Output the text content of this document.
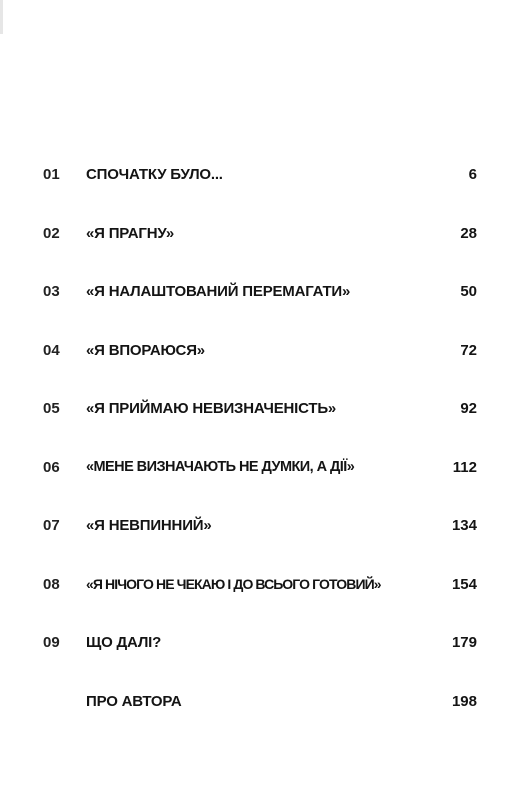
01 СПОЧАТКУ БУЛО...	6
02 «Я ПРАГНУ»	28
03 «Я НАЛАШТОВАНИЙ ПЕРЕМАГАТИ»	50
04 «Я ВПОРАЮСЯ»	72
05 «Я ПРИЙМАЮ НЕВИЗНАЧЕНІСТЬ»	92
06 «МЕНЕ ВИЗНАЧАЮТЬ НЕ ДУМКИ, А ДІЇ»	112
07 «Я НЕВПИННИЙ»	134
08 «Я НІЧОГО НЕ ЧЕКАЮ І ДО ВСЬОГО ГОТОВИЙ»	154
09 ЩО ДАЛІ?	179
ПРО АВТОРА	198
